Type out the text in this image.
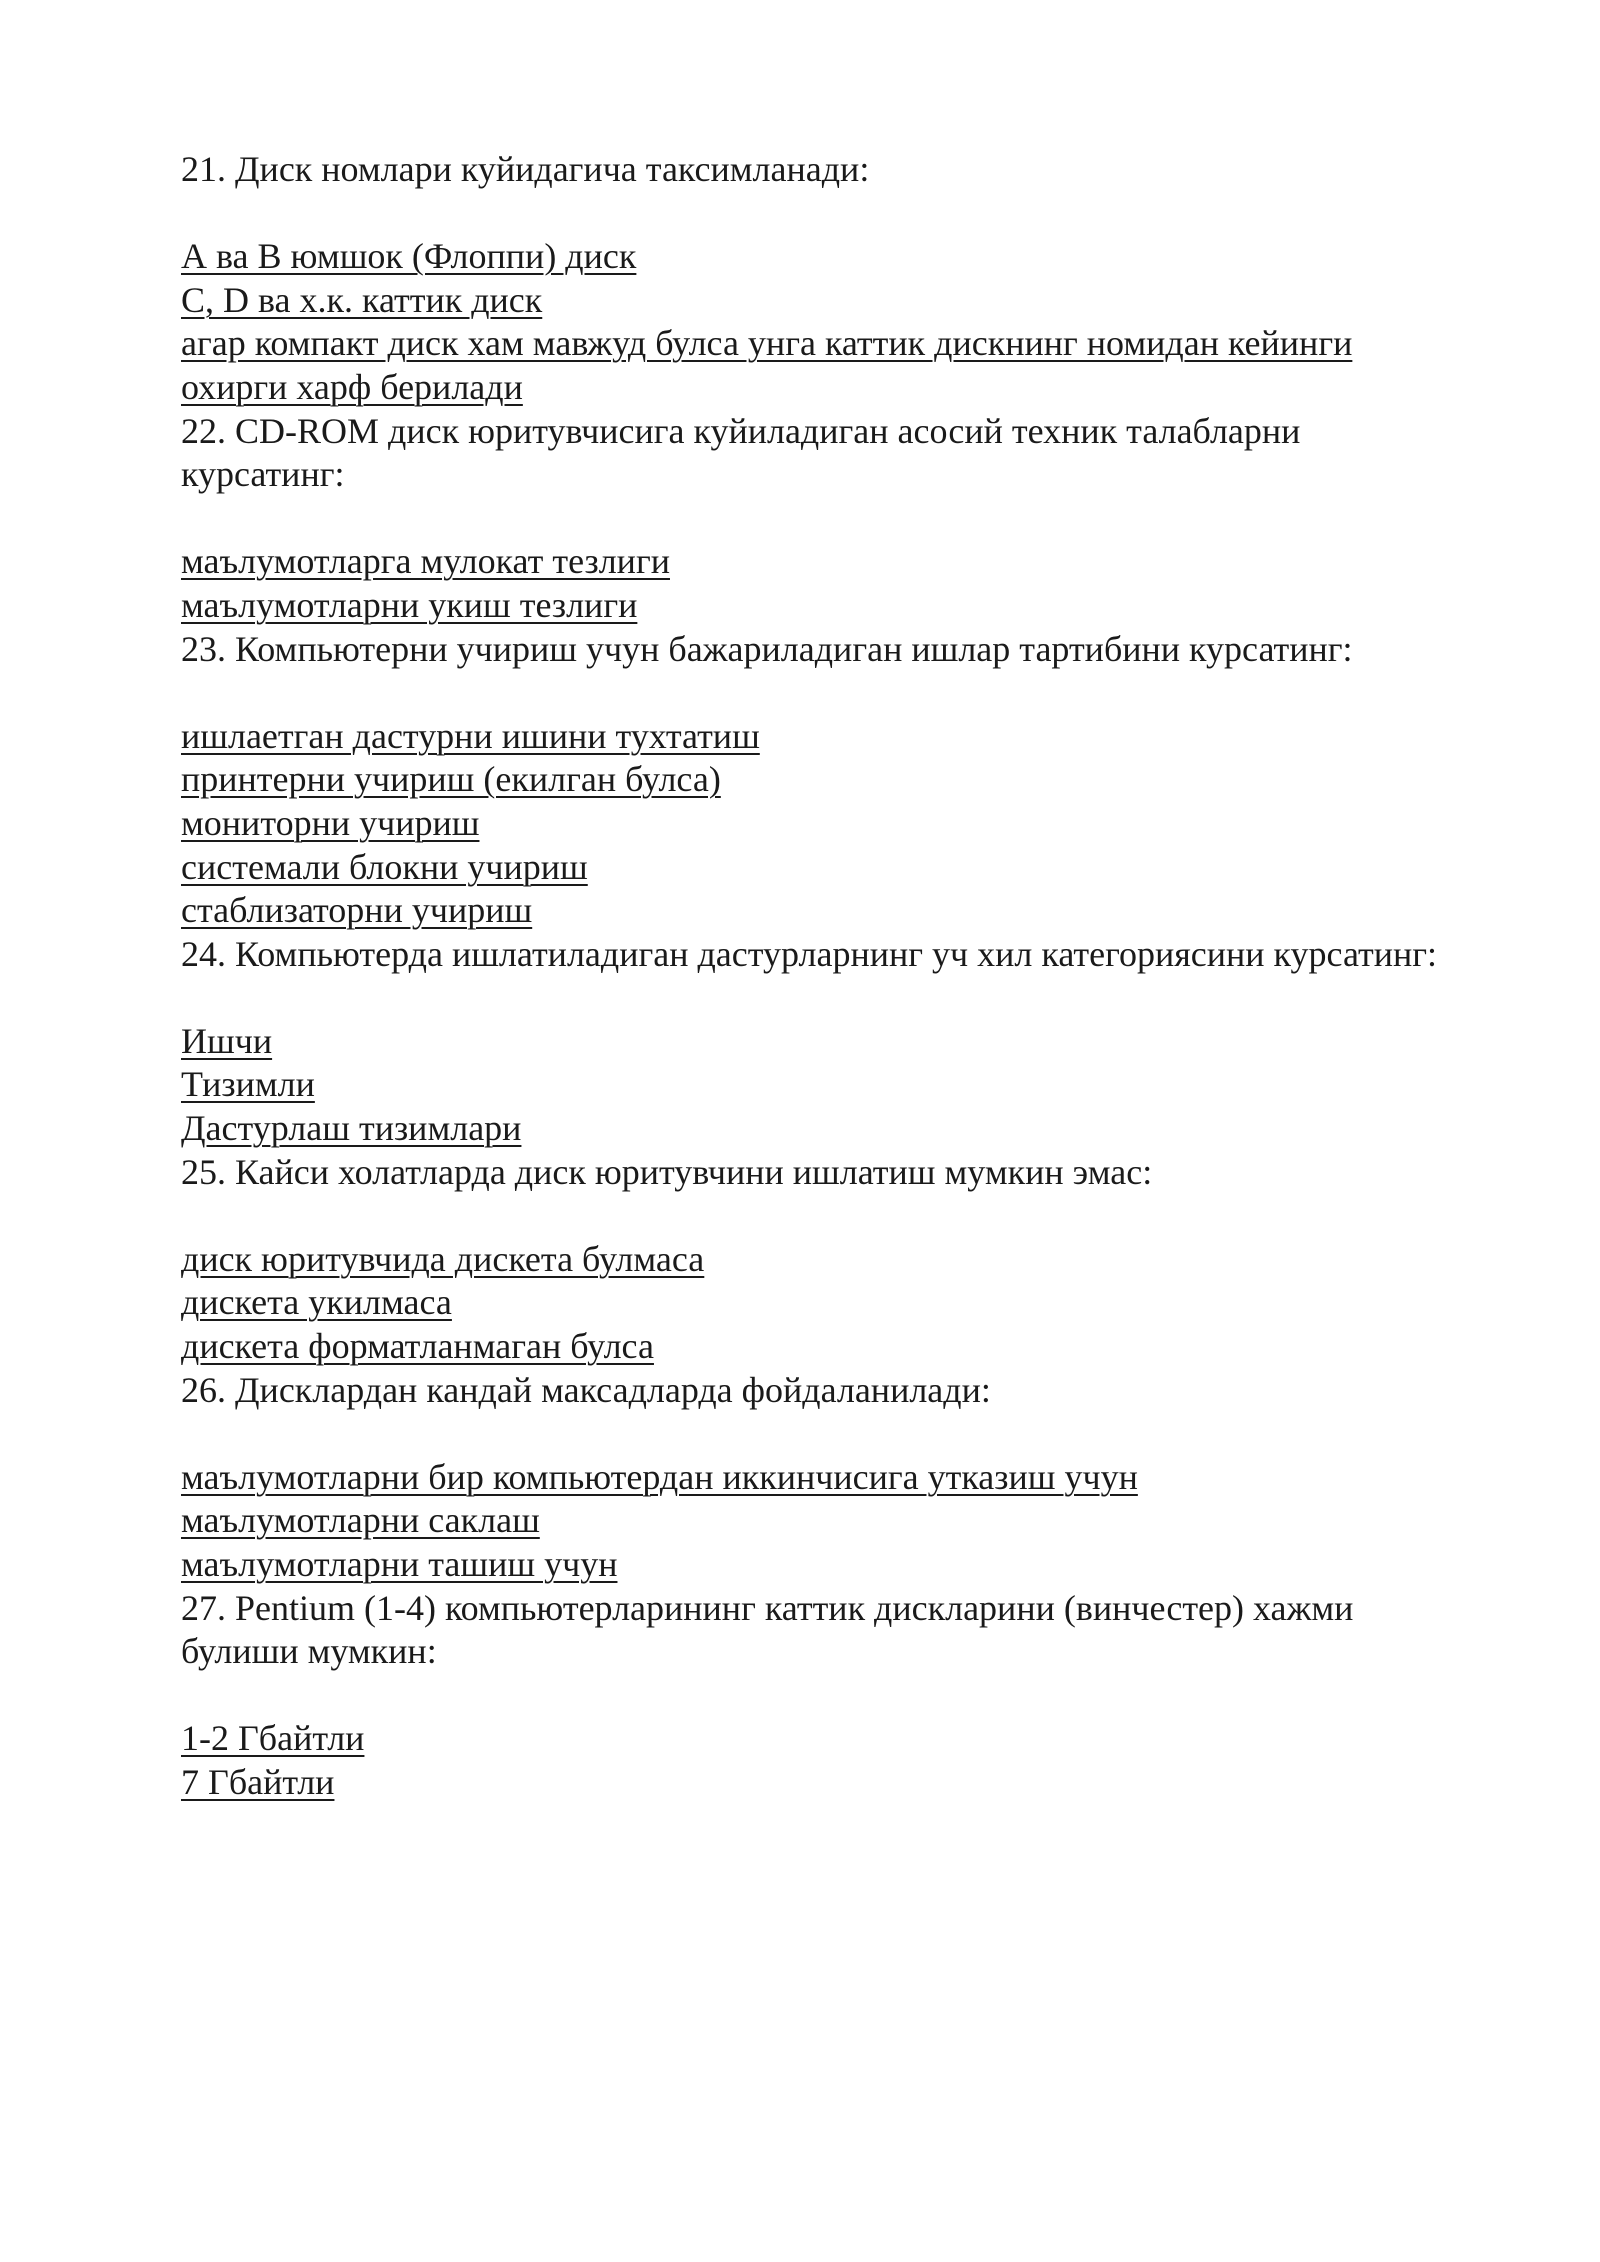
21. Диск номлари куйидагича таксимланади:
А ва В юмшок (Флоппи) диск
С, D ва х.к. каттик диск
агар компакт диск хам мавжуд булса унга каттик дискнинг номидан кейинги охирги харф берилади
22. CD-ROM диск юритувчисига куйиладиган асосий техник талабларни курсатинг:
маълумотларга мулокат тезлиги
маълумотларни укиш тезлиги
23. Компьютерни учириш учун бажариладиган ишлар тартибини курсатинг:
ишлаетган дастурни ишини тухтатиш
принтерни учириш (екилган булса)
мониторни учириш
системали блокни учириш
стаблизаторни учириш
24. Компьютерда ишлатиладиган дастурларнинг уч хил категориясини курсатинг:
Ишчи
Тизимли
Дастурлаш тизимлари
25. Кайси холатларда диск юритувчини ишлатиш мумкин эмас:
диск юритувчида дискета булмаса
дискета укилмаса
дискета форматланмаган булса
26. Дисклардан кандай максадларда фойдаланилади:
маълумотларни бир компьютердан иккинчисига утказиш учун
маълумотларни саклаш
маълумотларни ташиш учун
27. Pentium (1-4) компьютерларининг каттик дискларини (винчестер) хажми булиши мумкин:
1-2 Гбайтли
7 Гбайтли
